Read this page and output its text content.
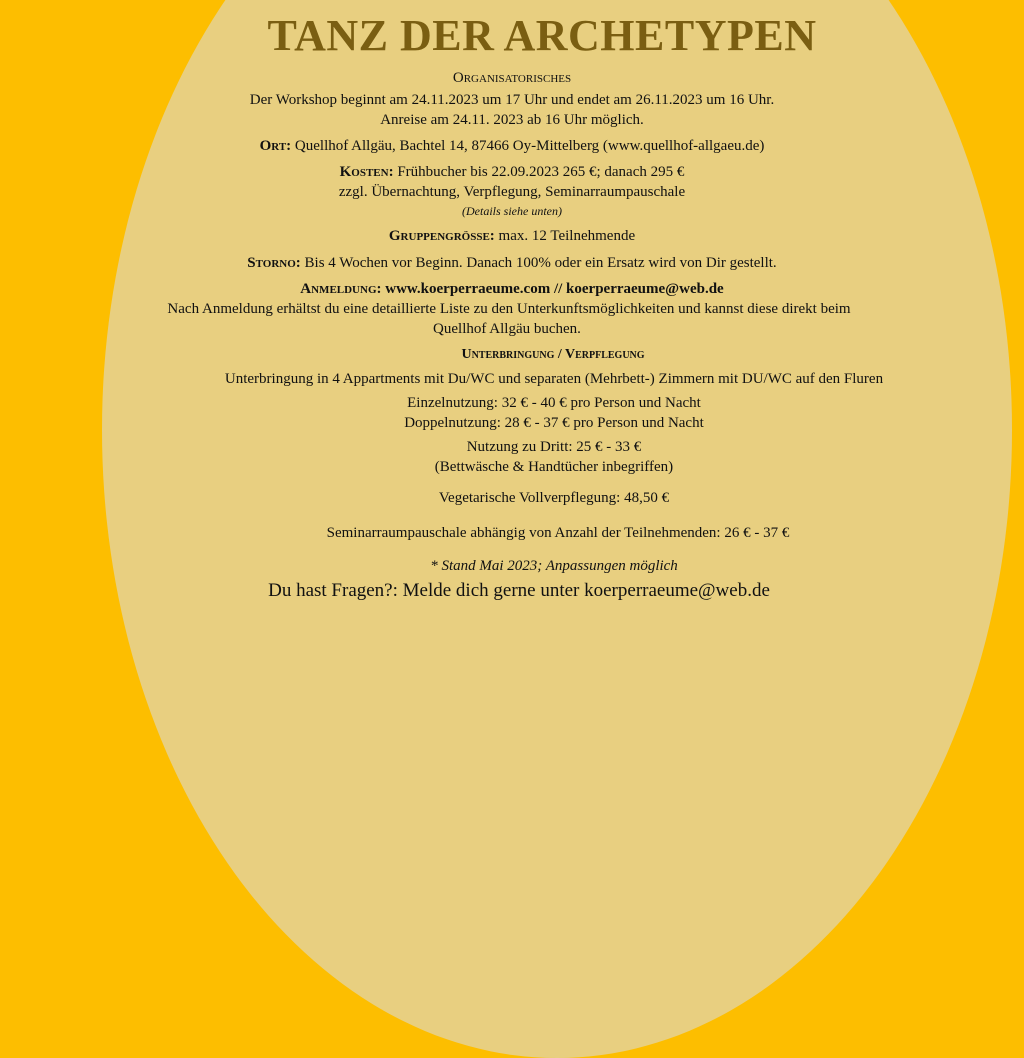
TANZ DER ARCHETYPEN
Organisatorisches
Der Workshop beginnt am 24.11.2023 um 17 Uhr und endet am 26.11.2023 um 16 Uhr.
Anreise am 24.11. 2023 ab 16 Uhr möglich.
Ort: Quellhof Allgäu, Bachtel 14, 87466 Oy-Mittelberg (www.quellhof-allgaeu.de)
Kosten: Frühbucher bis 22.09.2023 265 €; danach 295 €
zzgl. Übernachtung, Verpflegung, Seminarraumpauschale
(Details siehe unten)
Gruppengröße: max. 12 Teilnehmende
Storno: Bis 4 Wochen vor Beginn. Danach 100% oder ein Ersatz wird von Dir gestellt.
Anmeldung: www.koerperraeume.com // koerperraeume@web.de
Nach Anmeldung erhältst du eine detaillierte Liste zu den Unterkunftsmöglichkeiten und kannst diese direkt beim
Quellhof Allgäu buchen.
Unterbringung / Verpflegung
Unterbringung in 4 Appartments mit Du/WC und separaten (Mehrbett-) Zimmern mit DU/WC auf den Fluren
Einzelnutzung: 32 € - 40 € pro Person und Nacht
Doppelnutzung: 28 € - 37 € pro Person und Nacht
Nutzung zu Dritt: 25 € - 33 €
(Bettwäsche & Handtücher inbegriffen)
Vegetarische Vollverpflegung: 48,50 €
Seminarraumpauschale abhängig von Anzahl der Teilnehmenden: 26 € - 37 €
* Stand Mai 2023; Anpassungen möglich
Du hast Fragen?: Melde dich gerne unter koerperraeume@web.de
